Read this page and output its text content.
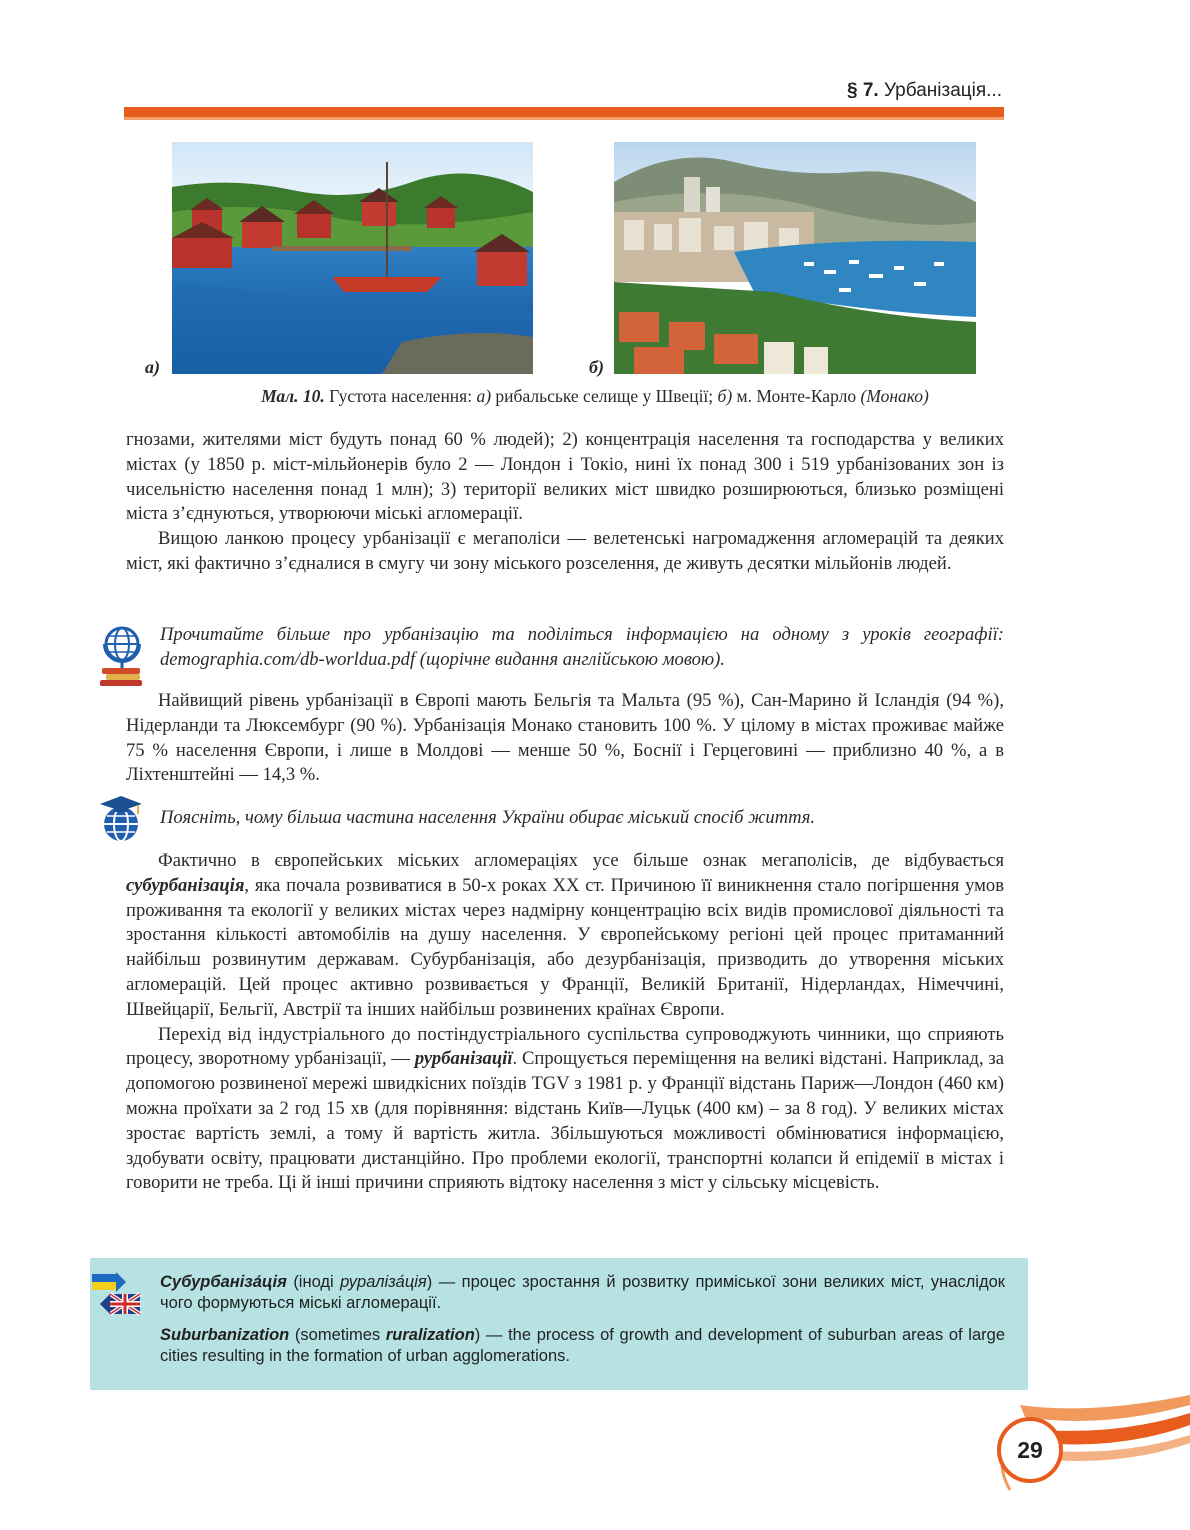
§ 7. Урбанізація...
а)	б)
Мал. 10. Густота населення: а) рибальське селище у Швеції; б) м. Монте-Карло (Монако)

гнозами, жителями міст будуть понад 60 % людей); 2) концентрація населення та господарства у великих містах (у 1850 р. міст-мільйонерів було 2 — Лондон і Токіо, нині їх понад 300 і 519 урбанізованих зон із чисельністю населення понад 1 млн); 3) території великих міст швидко розширюються, близько розміщені міста з’єднуються, утворюючи міські агломерації.

Вищою ланкою процесу урбанізації є мегаполіси — велетенські нагромадження агломерацій та деяких міст, які фактично з’єдналися в смугу чи зону міського розселення, де живуть десятки мільйонів людей.

Прочитайте більше про урбанізацію та поділіться інформацією на одному з уроків географії: demographia.com/db-worldua.pdf (щорічне видання англійською мовою).

Найвищий рівень урбанізації в Європі мають Бельгія та Мальта (95 %), Сан-Марино й Ісландія (94 %), Нідерланди та Люксембург (90 %). Урбанізація Монако становить 100 %. У цілому в містах проживає майже 75 % населення Європи, і лише в Молдові — менше 50 %, Боснії і Герцеговині — приблизно 40 %, а в Ліхтенштейні — 14,3 %.

Поясніть, чому більша частина населення України обирає міський спосіб життя.

Фактично в європейських міських агломераціях усе більше ознак мегаполісів, де відбувається субурбанізація, яка почала розвиватися в 50-х роках XX ст. Причиною її виникнення стало погіршення умов проживання та екології у великих містах через надмірну концентрацію всіх видів промислової діяльності та зростання кількості автомобілів на душу населення. У європейському регіоні цей процес притаманний найбільш розвинутим державам. Субурбанізація, або дезурбанізація, призводить до утворення міських агломерацій. Цей процес активно розвивається у Франції, Великій Британії, Нідерландах, Німеччині, Швейцарії, Бельгії, Австрії та інших найбільш розвинених країнах Європи.

Перехід від індустріального до постіндустріального суспільства супроводжують чинники, що сприяють процесу, зворотному урбанізації, — рурбанізації. Спрощується переміщення на великі відстані. Наприклад, за допомогою розвиненої мережі швидкісних поїздів TGV з 1981 р. у Франції відстань Париж—Лондон (460 км) можна проїхати за 2 год 15 хв (для порівняння: відстань Київ—Луцьк (400 км) – за 8 год). У великих містах зростає вартість землі, а тому й вартість житла. Збільшуються можливості обмінюватися інформацією, здобувати освіту, працювати дистанційно. Про проблеми екології, транспортні колапси й епідемії в містах і говорити не треба. Ці й інші причини сприяють відтоку населення з міст у сільську місцевість.

Субурбаніза́ція (іноді руралiза́ція) — процес зростання й розвитку приміської зони великих міст, унаслідок чого формуються міські агломерації.

Suburbanization (sometimes ruralization) — the process of growth and development of suburban areas of large cities resulting in the formation of urban agglomerations.

29
